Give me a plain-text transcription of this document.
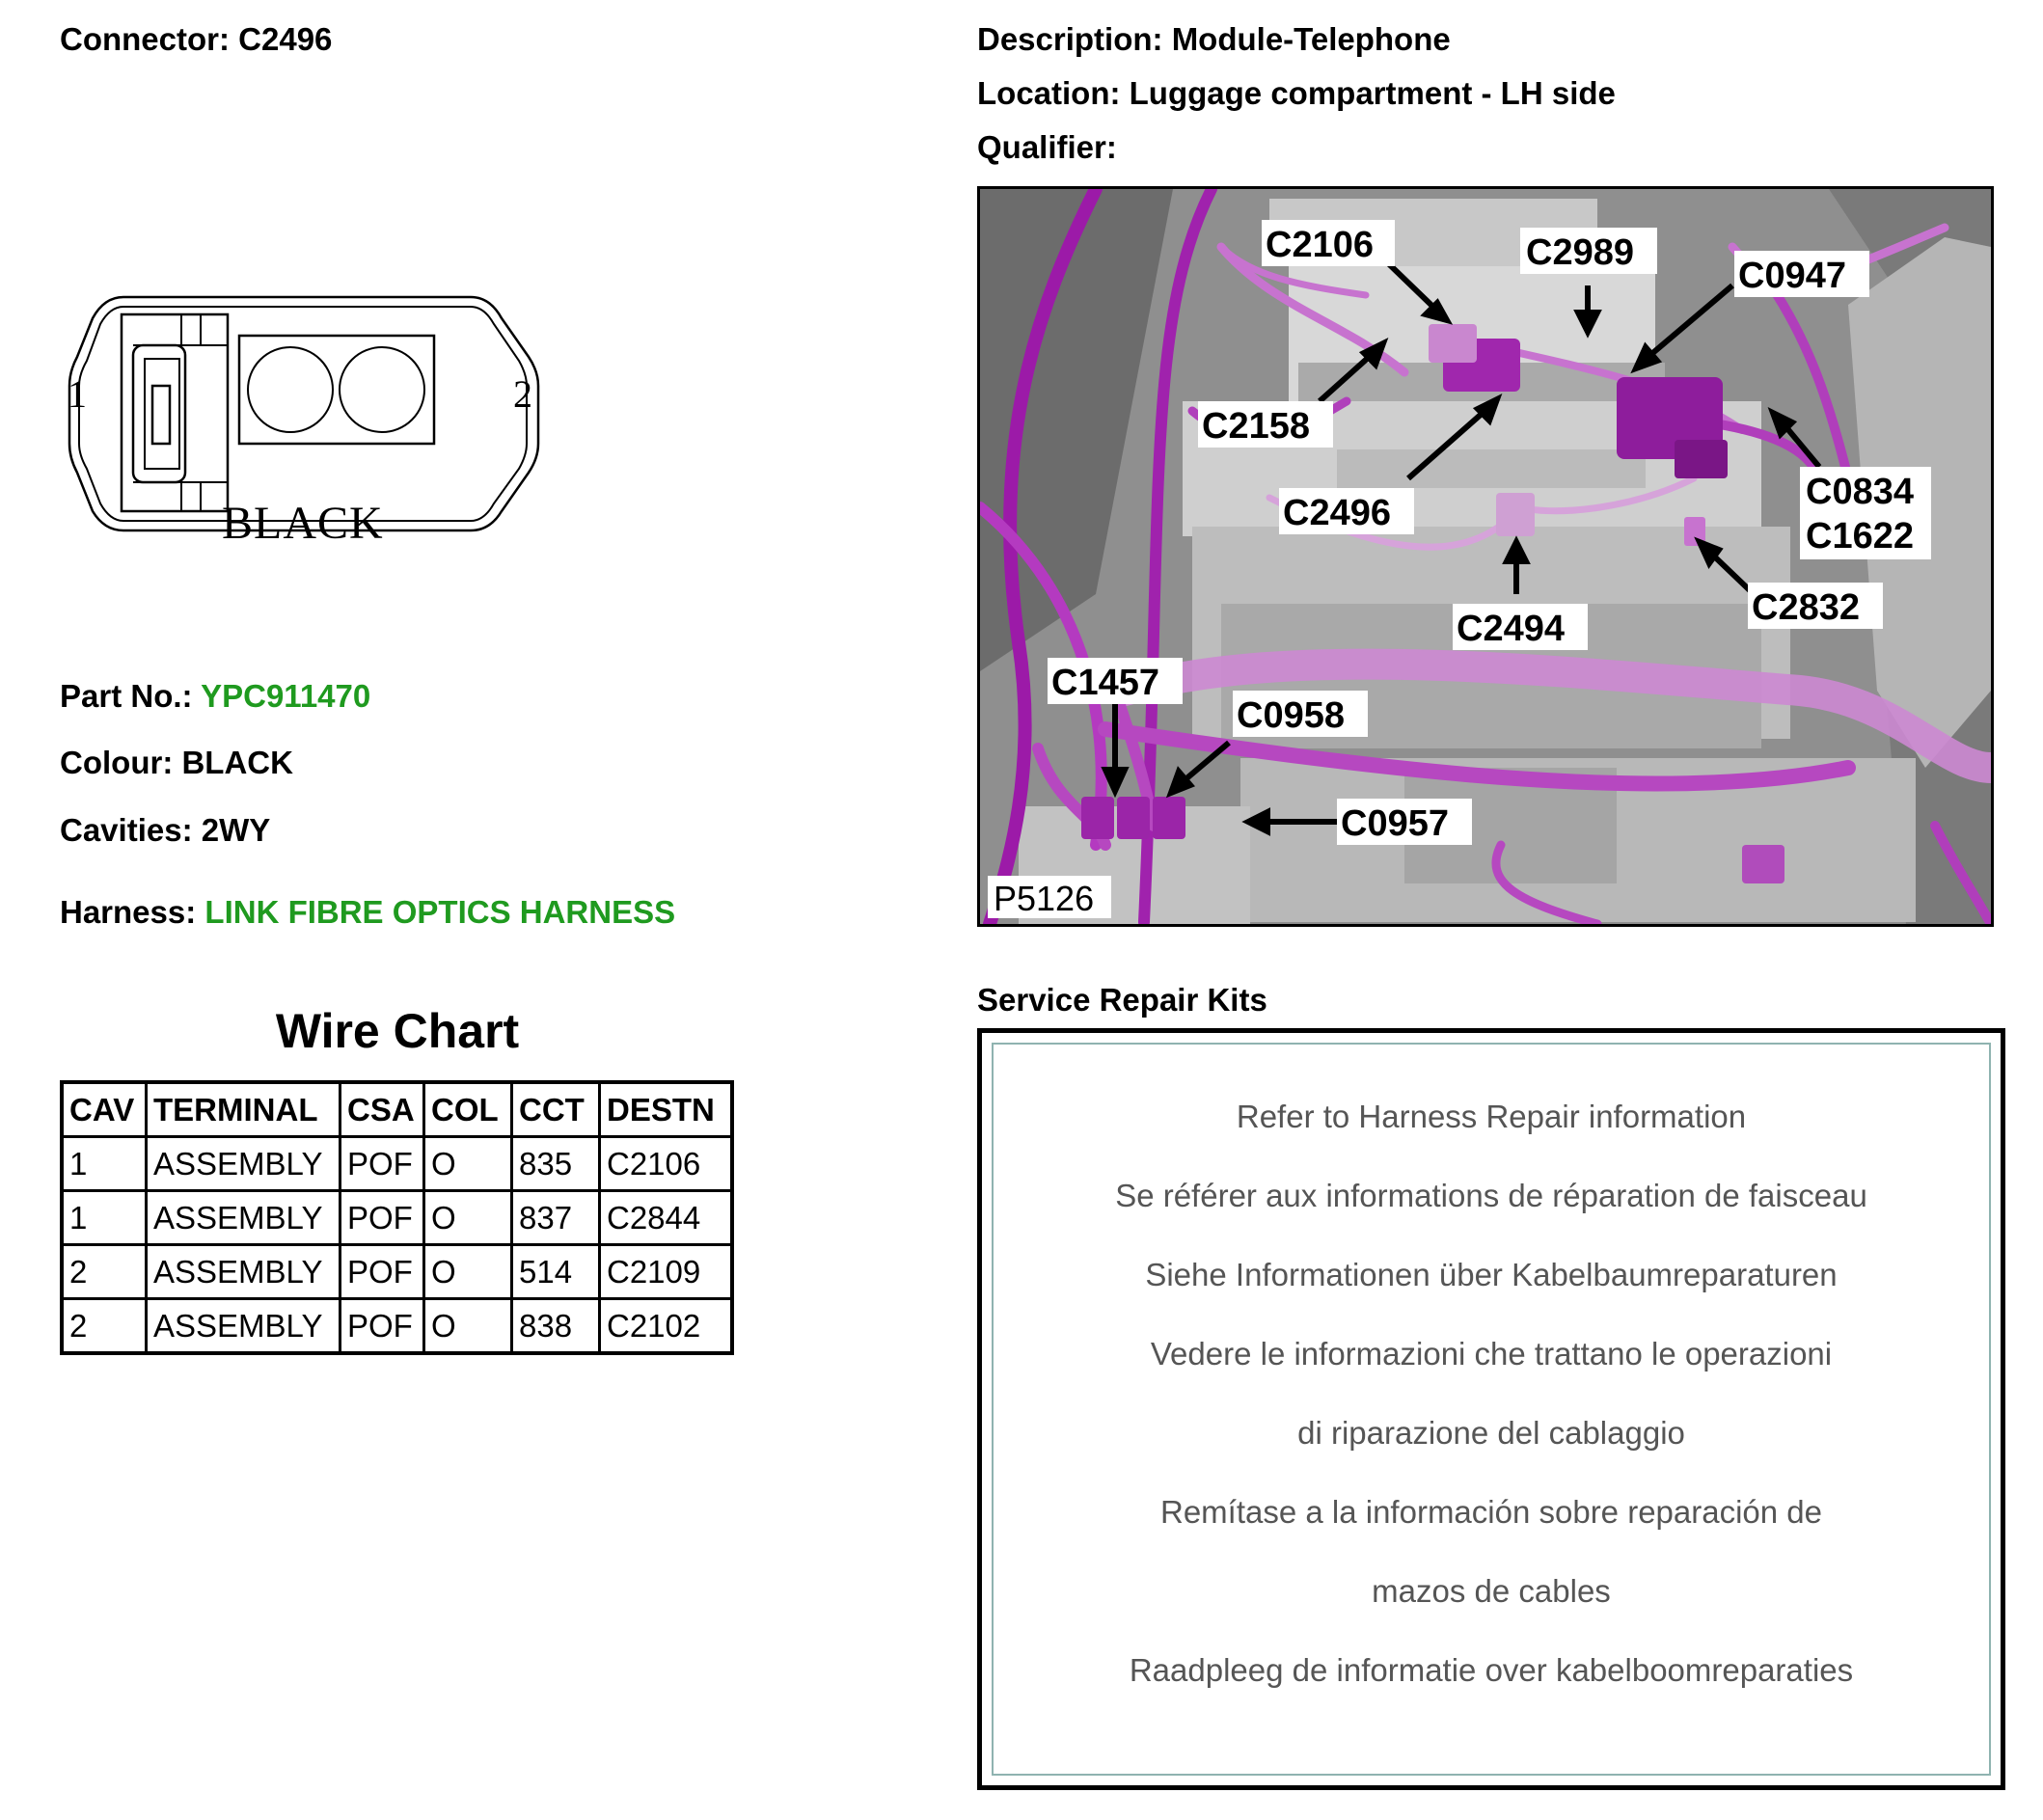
Connector: C2496
1	2
BLACK
Part No.: YPC911470
Colour: BLACK
Cavities: 2WY
Harness: LINK FIBRE OPTICS HARNESS
Wire Chart
CAV	TERMINAL	CSA	COL	CCT	DESTN
1	ASSEMBLY	POF	O	835	C2106
1	ASSEMBLY	POF	O	837	C2844
2	ASSEMBLY	POF	O	514	C2109
2	ASSEMBLY	POF	O	838	C2102
Description: Module-Telephone
Location: Luggage compartment - LH side
Qualifier:
C2106	C2989
C0947
C2158
C0834
C1622
C2496
C2494
C2832
C1457
C0958
C0957
P5126
Service Repair Kits
Refer to Harness Repair information
Se référer aux informations de réparation de faisceau
Siehe Informationen über Kabelbaumreparaturen
Vedere le informazioni che trattano le operazioni
di riparazione del cablaggio
Remítase a la información sobre reparación de
mazos de cables
Raadpleeg de informatie over kabelboomreparaties
